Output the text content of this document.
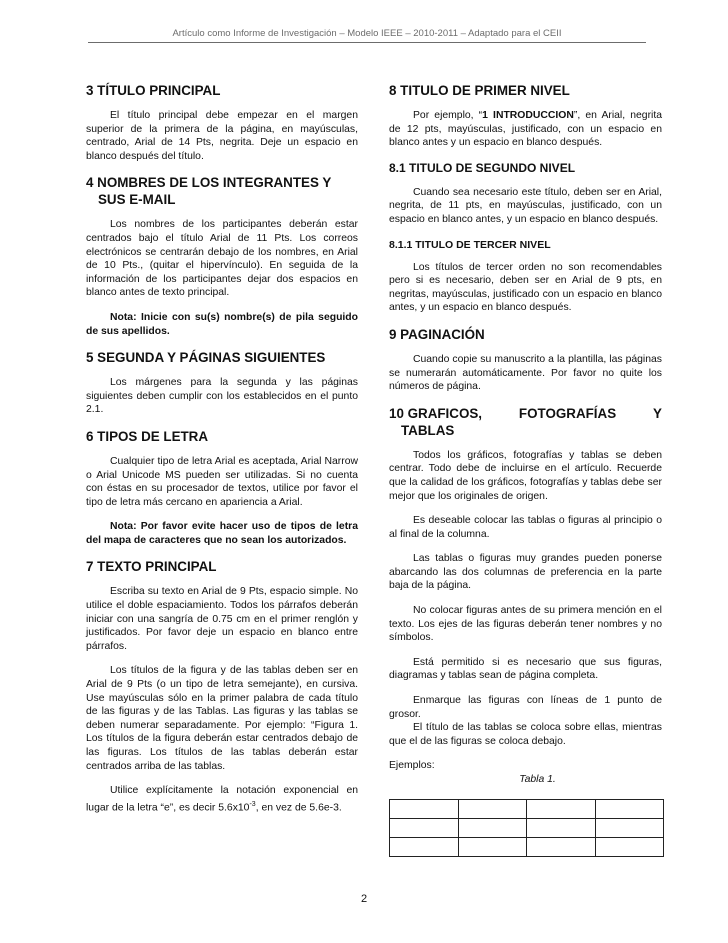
Artículo como Informe de Investigación – Modelo IEEE – 2010-2011 – Adaptado para el CEII
3 TÍTULO PRINCIPAL

El título principal debe empezar en el margen superior de la primera de la página, en mayúsculas, centrado, Arial de 14 Pts, negrita. Deje un espacio en blanco después del título.

4 NOMBRES DE LOS INTEGRANTES Y
SUS E-MAIL

Los nombres de los participantes deberán estar centrados bajo el título Arial de 11 Pts. Los correos electrónicos se centrarán debajo de los nombres, en Arial de 10 Pts., (quitar el hipervínculo). En seguida de la información de los participantes dejar dos espacios en blanco antes de texto principal.

Nota: Inicie con su(s) nombre(s) de pila seguido de sus apellidos.

5 SEGUNDA Y PÁGINAS SIGUIENTES

Los márgenes para la segunda y las páginas siguientes deben cumplir con los establecidos en el punto 2.1.

6 TIPOS DE LETRA

Cualquier tipo de letra Arial es aceptada, Arial Narrow o Arial Unicode MS pueden ser utilizadas. Si no cuenta con éstas en su procesador de textos, utilice por favor el tipo de letra más cercano en apariencia a Arial.

Nota: Por favor evite hacer uso de tipos de letra del mapa de caracteres que no sean los autorizados.

7 TEXTO PRINCIPAL

Escriba su texto en Arial de 9 Pts, espacio simple. No utilice el doble espaciamiento. Todos los párrafos deberán iniciar con una sangría de 0.75 cm en el primer renglón y justificados. Por favor deje un espacio en blanco entre párrafos.

Los títulos de la figura y de las tablas deben ser en Arial de 9 Pts (o un tipo de letra semejante), en cursiva. Use mayúsculas sólo en la primer palabra de cada título de las figuras y de las Tablas. Las figuras y las tablas se deben numerar separadamente. Por ejemplo: “Figura 1. Los títulos de la figura deberán estar centrados debajo de las figuras. Los títulos de las tablas deberán estar centrados arriba de las tablas.

Utilice explícitamente la notación exponencial en lugar de la letra “e”, es decir $5.6x10^{-3}$, en vez de 5.6e-3.

8 TITULO DE PRIMER NIVEL

Por ejemplo, “1 INTRODUCCION”, en Arial, negrita de 12 pts, mayúsculas, justificado, con un espacio en blanco antes y un espacio en blanco después.

8.1 TITULO DE SEGUNDO NIVEL

Cuando sea necesario este título, deben ser en Arial, negrita, de 11 pts, en mayúsculas, justificado, con un espacio en blanco antes, y un espacio en blanco después.

8.1.1 TITULO DE TERCER NIVEL

Los títulos de tercer orden no son recomendables pero si es necesario, deben ser en Arial de 9 pts, en negritas, mayúsculas, justificado con un espacio en blanco antes, y un espacio en blanco después.

9 PAGINACIÓN

Cuando copie su manuscrito a la plantilla, las páginas se numerarán automáticamente. Por favor no quite los números de página.

10 GRAFICOS,	FOTOGRAFÍAS	Y
TABLAS

Todos los gráficos, fotografías y tablas se deben centrar. Todo debe de incluirse en el artículo. Recuerde que la calidad de los gráficos, fotografías y tablas debe ser mejor que los originales de origen.

Es deseable colocar las tablas o figuras al principio o al final de la columna.

Las tablas o figuras muy grandes pueden ponerse abarcando las dos columnas de preferencia en la parte baja de la página.

No colocar figuras antes de su primera mención en el texto. Los ejes de las figuras deberán tener nombres y no símbolos.

Está permitido si es necesario que sus figuras, diagramas y tablas sean de página completa.

Enmarque las figuras con líneas de 1 punto de grosor.

El título de las tablas se coloca sobre ellas, mientras que el de las figuras se coloca debajo.

Ejemplos:

Tabla 1.

2
